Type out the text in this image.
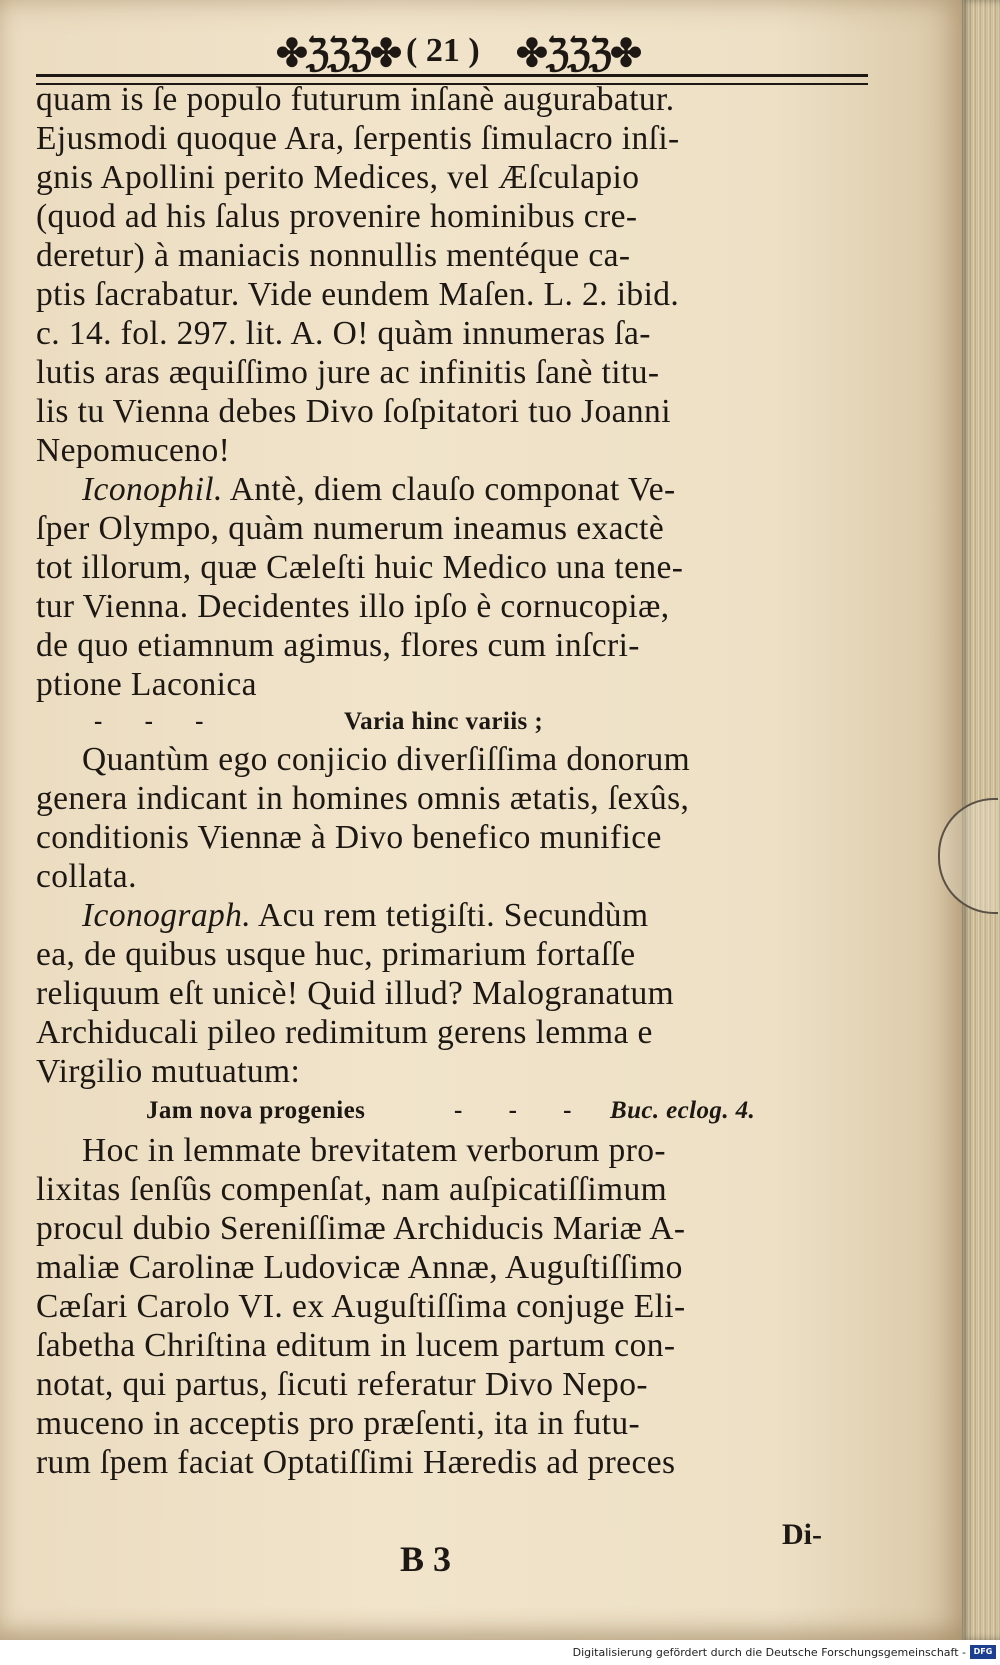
✤ℨℨℨ✤ ( 21 ) ✤ℨℨℨ✤
quam is ſe populo futurum inſanè augurabatur.
Ejusmodi quoque Ara, ſerpentis ſimulacro inſi-
gnis Apollini perito Medices, vel Æſculapio
(quod ad his ſalus provenire hominibus cre-
deretur) à maniacis nonnullis mentéque ca-
ptis ſacrabatur. Vide eundem Maſen. L. 2. ibid.
c. 14. fol. 297. lit. A. O! quàm innumeras ſa-
lutis aras æquiſſimo jure ac infinitis ſanè titu-
lis tu Vienna debes Divo ſoſpitatori tuo Joanni
Nepomuceno!
Iconophil. Antè, diem clauſo componat Ve-
ſper Olympo, quàm numerum ineamus exactè
tot illorum, quæ Cæleſti huic Medico una tene-
tur Vienna. Decidentes illo ipſo è cornucopiæ,
de quo etiamnum agimus, flores cum inſcri-
ptione Laconica
- - -	Varia hinc variis ;
Quantùm ego conjicio diverſiſſima donorum
genera indicant in homines omnis ætatis, ſexûs,
conditionis Viennæ à Divo benefico munifice
collata.
Iconograph. Acu rem tetigiſti. Secundùm
ea, de quibus usque huc, primarium fortaſſe
reliquum eſt unicè! Quid illud? Malogranatum
Archiducali pileo redimitum gerens lemma e
Virgilio mutuatum:
Jam nova progenies	- - - Buc. eclog. 4.
Hoc in lemmate brevitatem verborum pro-
lixitas ſenſûs compenſat, nam auſpicatiſſimum
procul dubio Sereniſſimæ Archiducis Mariæ A-
maliæ Carolinæ Ludovicæ Annæ, Auguſtiſſimo
Cæſari Carolo VI. ex Auguſtiſſima conjuge Eli-
ſabetha Chriſtina editum in lucem partum con-
notat, qui partus, ſicuti referatur Divo Nepo-
muceno in acceptis pro præſenti, ita in futu-
rum ſpem faciat Optatiſſimi Hæredis ad preces
B 3
Di-
Digitalisierung gefördert durch die Deutsche Forschungsgemeinschaft - DFG
